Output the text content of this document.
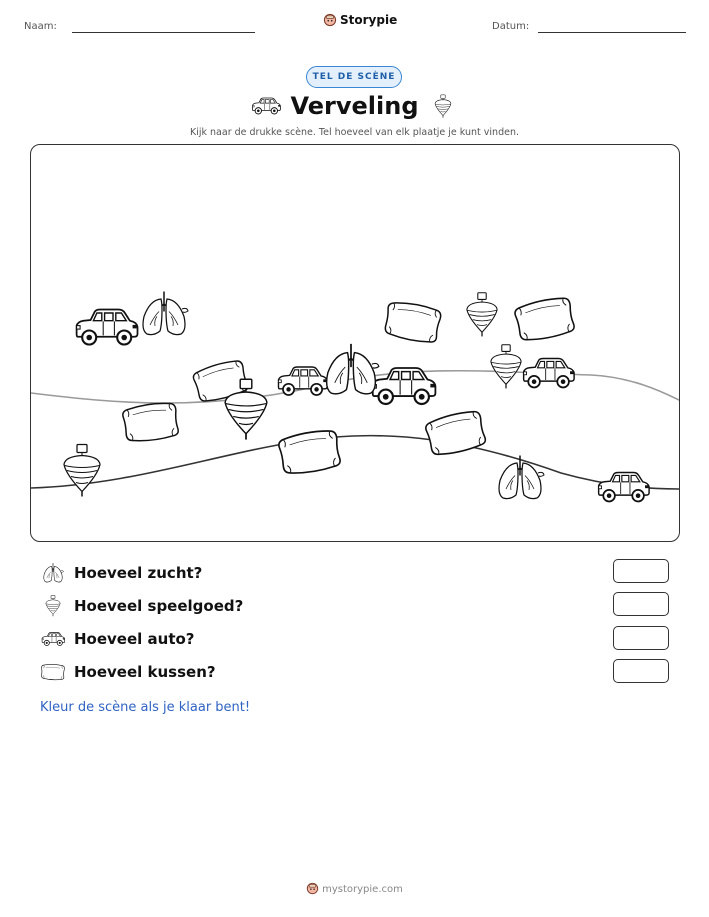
Naam:	Storypie	Datum:
TEL DE SCÈNE
Verveling
Kijk naar de drukke scène. Tel hoeveel van elk plaatje je kunt vinden.
Hoeveel zucht?
Hoeveel speelgoed?
Hoeveel auto?
Hoeveel kussen?
Kleur de scène als je klaar bent!
mystorypie.com
